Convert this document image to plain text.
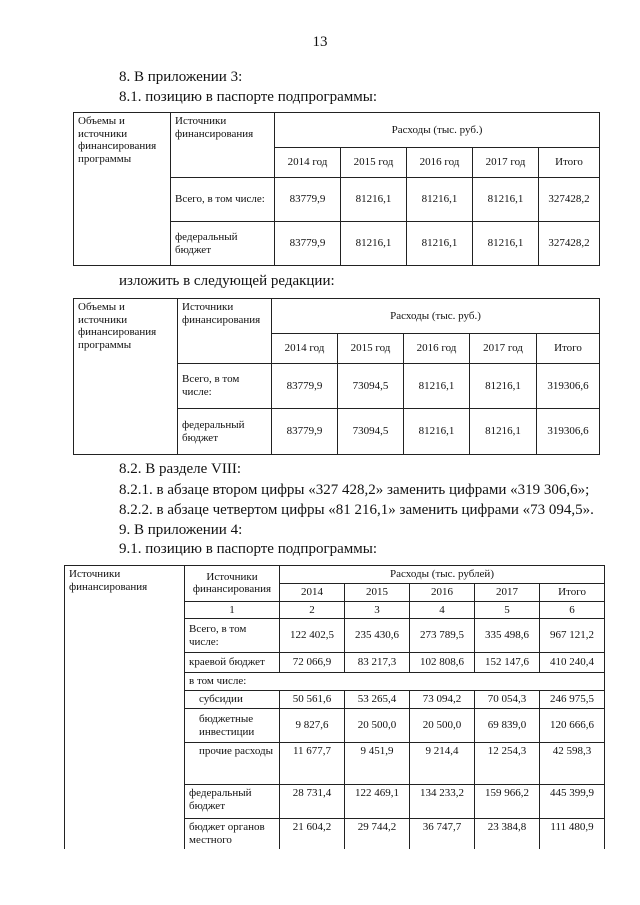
13
8. В приложении 3:
8.1. позицию в паспорте подпрограммы:
Объемы и источники финансирования программы	Источники финансирования	Расходы (тыс. руб.)				
		2014 год	2015 год	2016 год	2017 год	Итого
	Всего, в том числе:	83779,9	81216,1	81216,1	81216,1	327428,2
	федеральный бюджет	83779,9	81216,1	81216,1	81216,1	327428,2
изложить в следующей редакции:
Объемы и источники финансирования программы	Источники финансирования	Расходы (тыс. руб.)				
		2014 год	2015 год	2016 год	2017 год	Итого
	Всего, в том числе:	83779,9	73094,5	81216,1	81216,1	319306,6
	федеральный бюджет	83779,9	73094,5	81216,1	81216,1	319306,6
8.2. В разделе VIII:
8.2.1. в абзаце втором цифры «327 428,2» заменить цифрами «319 306,6»;
8.2.2. в абзаце четвертом цифры «81 216,1» заменить цифрами «73 094,5».
9. В приложении 4:
9.1. позицию в паспорте подпрограммы:
Источники финансирования	Источники финансирования	Расходы (тыс. рублей)				
		2014	2015	2016	2017	Итого
	1	2	3	4	5	6
	Всего, в том числе:	122 402,5	235 430,6	273 789,5	335 498,6	967 121,2
	краевой бюджет	72 066,9	83 217,3	102 808,6	152 147,6	410 240,4
	в том числе:					
	субсидии	50 561,6	53 265,4	73 094,2	70 054,3	246 975,5
	бюджетные инвестиции	9 827,6	20 500,0	20 500,0	69 839,0	120 666,6
	прочие расходы	11 677,7	9 451,9	9 214,4	12 254,3	42 598,3
	федеральный бюджет	28 731,4	122 469,1	134 233,2	159 966,2	445 399,9
	бюджет органов местного	21 604,2	29 744,2	36 747,7	23 384,8	111 480,9
